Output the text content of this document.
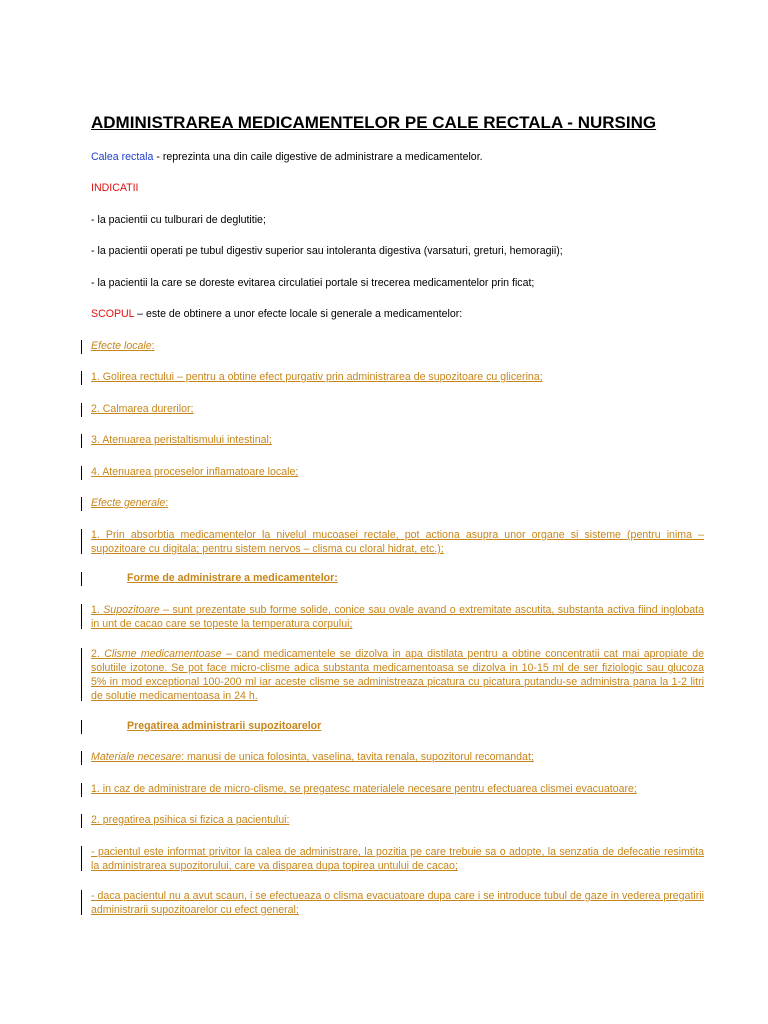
ADMINISTRAREA MEDICAMENTELOR PE CALE RECTALA - NURSING
Calea rectala - reprezinta una din caile digestive de administrare a medicamentelor.
INDICATII
- la pacientii cu tulburari de deglutitie;
- la pacientii operati pe tubul digestiv superior sau intoleranta digestiva (varsaturi, greturi, hemoragii);
- la pacientii la care se doreste evitarea circulatiei portale si trecerea medicamentelor prin ficat;
SCOPUL – este de obtinere a unor efecte locale si generale a medicamentelor:
Efecte locale:
1. Golirea rectului – pentru a obtine efect purgativ prin administrarea de supozitoare cu glicerina;
2. Calmarea durerilor;
3. Atenuarea peristaltismului intestinal;
4. Atenuarea proceselor inflamatoare locale;
Efecte generale:
1. Prin absorbtia medicamentelor la nivelul mucoasei rectale, pot actiona asupra unor organe si sisteme (pentru inima – supozitoare cu digitala; pentru sistem nervos – clisma cu cloral hidrat, etc.);
Forme de administrare a medicamentelor:
1. Supozitoare – sunt prezentate sub forme solide, conice sau ovale avand o extremitate ascutita, substanta activa fiind inglobata in unt de cacao care se topeste la temperatura corpului;
2. Clisme medicamentoase – cand medicamentele se dizolva in apa distilata pentru a obtine concentratii cat mai apropiate de solutiile izotone. Se pot face micro-clisme adica substanta medicamentoasa se dizolva in 10-15 ml de ser fiziologic sau glucoza 5% in mod exceptional 100-200 ml iar aceste clisme se administreaza picatura cu picatura putandu-se administra pana la 1-2 litri de solutie medicamentoasa in 24 h.
Pregatirea administrarii supozitoarelor
Materiale necesare: manusi de unica folosinta, vaselina, tavita renala, supozitorul recomandat;
1. in caz de administrare de micro-clisme, se pregatesc materialele necesare pentru efectuarea clismei evacuatoare;
2. pregatirea psihica si fizica a pacientului:
- pacientul este informat privitor la calea de administrare, la pozitia pe care trebuie sa o adopte, la senzatia de defecatie resimtita la administrarea supozitorului, care va disparea dupa topirea untului de cacao;
- daca pacientul nu a avut scaun, i se efectueaza o clisma evacuatoare dupa care i se introduce tubul de gaze in vederea pregatirii administrarii supozitoarelor cu efect general;
